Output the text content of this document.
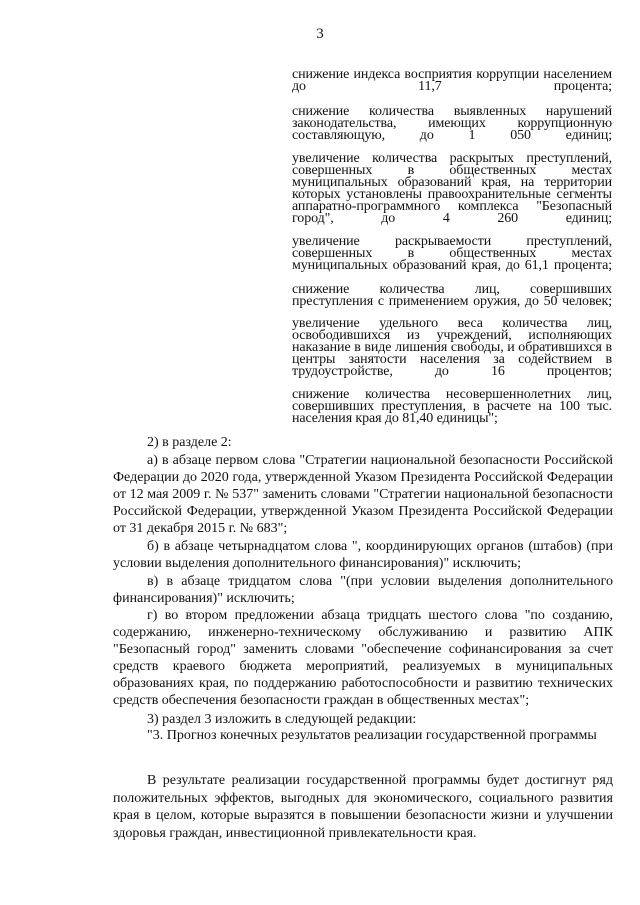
3
снижение индекса восприятия коррупции населением до 11,7 процента;
снижение количества выявленных нарушений законодательства, имеющих коррупционную составляющую, до 1 050 единиц;
увеличение количества раскрытых преступлений, совершенных в общественных местах муниципальных образований края, на территории которых установлены правоохранительные сегменты аппаратно-программного комплекса "Безопасный город", до 4 260 единиц;
увеличение раскрываемости преступлений, совершенных в общественных местах муниципальных образований края, до 61,1 процента;
снижение количества лиц, совершивших преступления с применением оружия, до 50 человек;
увеличение удельного веса количества лиц, освободившихся из учреждений, исполняющих наказание в виде лишения свободы, и обратившихся в центры занятости населения за содействием в трудоустройстве, до 16 процентов;
снижение количества несовершеннолетних лиц, совершивших преступления, в расчете на 100 тыс. населения края до 81,40 единицы";
2) в разделе 2:
а) в абзаце первом слова "Стратегии национальной безопасности Российской Федерации до 2020 года, утвержденной Указом Президента Российской Федерации от 12 мая 2009 г. № 537" заменить словами "Стратегии национальной безопасности Российской Федерации, утвержденной Указом Президента Российской Федерации от 31 декабря 2015 г. № 683";
б) в абзаце четырнадцатом слова ", координирующих органов (штабов) (при условии выделения дополнительного финансирования)" исключить;
в) в абзаце тридцатом слова "(при условии выделения дополнительного финансирования)" исключить;
г) во втором предложении абзаца тридцать шестого слова "по созданию, содержанию, инженерно-техническому обслуживанию и развитию АПК "Безопасный город" заменить словами "обеспечение софинансирования за счет средств краевого бюджета мероприятий, реализуемых в муниципальных образованиях края, по поддержанию работоспособности и развитию технических средств обеспечения безопасности граждан в общественных местах";
3) раздел 3 изложить в следующей редакции:
"3. Прогноз конечных результатов реализации государственной программы
В результате реализации государственной программы будет достигнут ряд положительных эффектов, выгодных для экономического, социального развития края в целом, которые выразятся в повышении безопасности жизни и улучшении здоровья граждан, инвестиционной привлекательности края.
